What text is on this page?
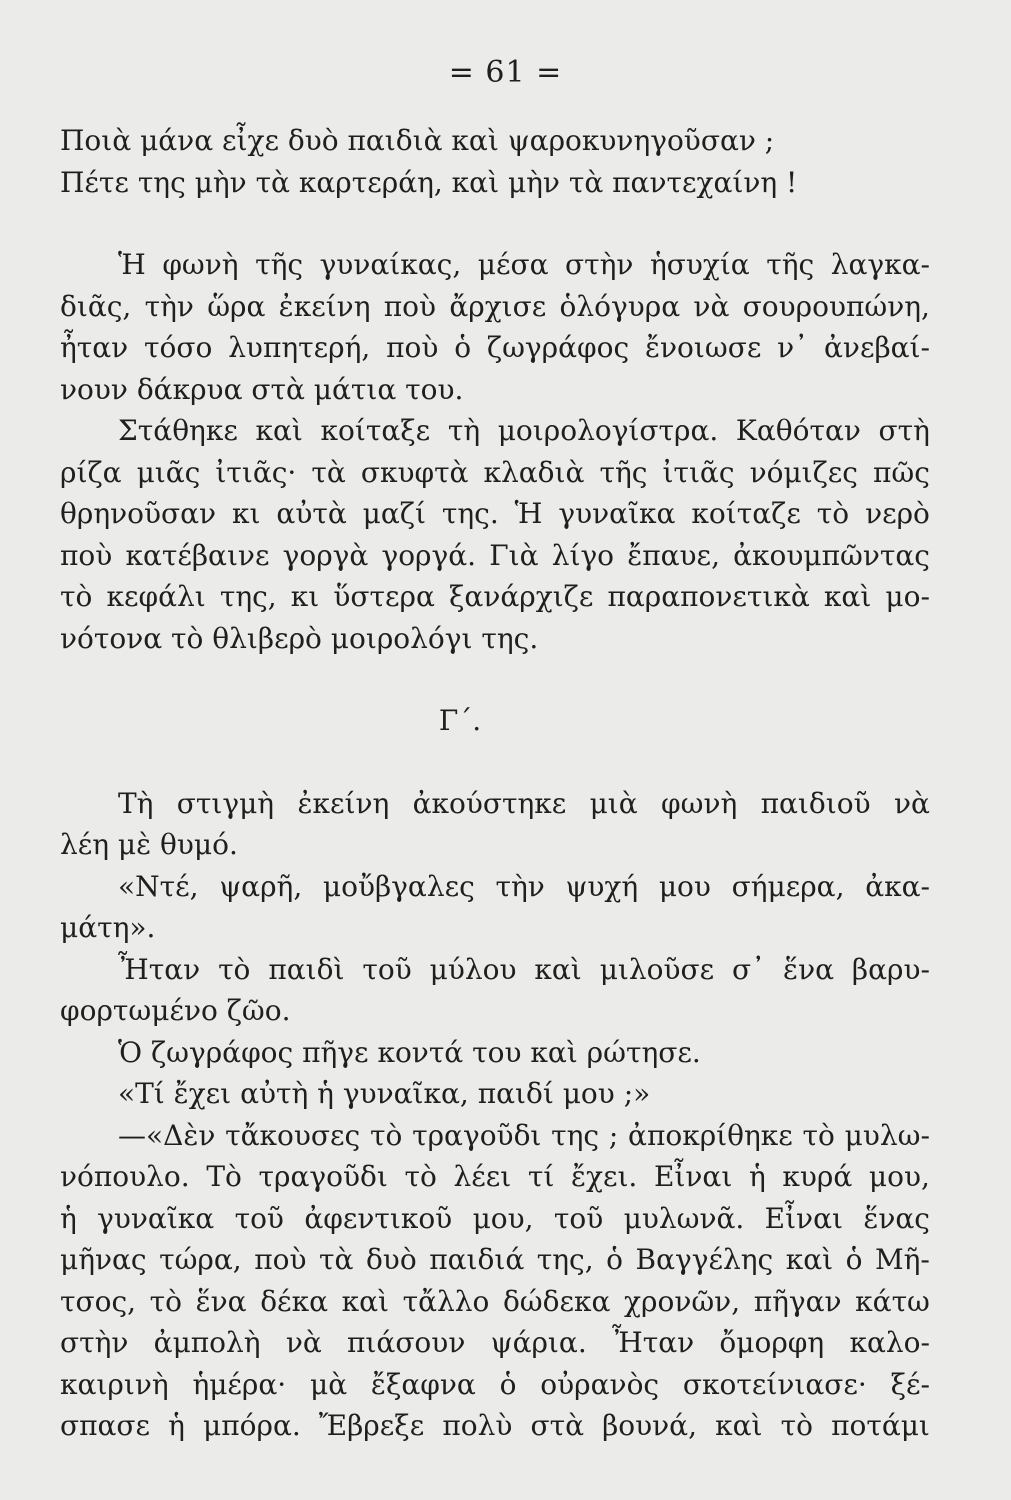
= 61 =
Ποιὰ μάνα εἶχε δυὸ παιδιὰ καὶ ψαροκυνηγοῦσαν ;
Πέτε της μὴν τὰ καρτεράη, καὶ μὴν τὰ παντεχαίνη !
Ἡ φωνὴ τῆς γυναίκας, μέσα στὴν ἡσυχία τῆς λαγκα-
διᾶς, τὴν ὥρα ἐκείνη ποὺ ἄρχισε ὁλόγυρα νὰ σουρουπώνη,
ἦταν τόσο λυπητερή, ποὺ ὁ ζωγράφος ἔνοιωσε ν᾿ ἀνεβαί-
νουν δάκρυα στὰ μάτια του.
Στάθηκε καὶ κοίταξε τὴ μοιρολογίστρα. Καθόταν στὴ
ρίζα μιᾶς ἰτιᾶς· τὰ σκυφτὰ κλαδιὰ τῆς ἰτιᾶς νόμιζες πῶς
θρηνοῦσαν κι αὐτὰ μαζί της. Ἡ γυναῖκα κοίταζε τὸ νερὸ
ποὺ κατέβαινε γοργὰ γοργά. Γιὰ λίγο ἔπαυε, ἀκουμπῶντας
τὸ κεφάλι της, κι ὕστερα ξανάρχιζε παραπονετικὰ καὶ μο-
νότονα τὸ θλιβερὸ μοιρολόγι της.
Γ΄.
Τὴ στιγμὴ ἐκείνη ἀκούστηκε μιὰ φωνὴ παιδιοῦ νὰ
λέη μὲ θυμό.
«Ντέ, ψαρῆ, μοὔβγαλες τὴν ψυχή μου σήμερα, ἀκα-
μάτη».
Ἦταν τὸ παιδὶ τοῦ μύλου καὶ μιλοῦσε σ᾿ ἕνα βαρυ-
φορτωμένο ζῶο.
Ὁ ζωγράφος πῆγε κοντά του καὶ ρώτησε.
«Τί ἔχει αὐτὴ ἡ γυναῖκα, παιδί μου ;»
—«Δὲν τἄκουσες τὸ τραγοῦδι της ; ἀποκρίθηκε τὸ μυλω-
νόπουλο. Τὸ τραγοῦδι τὸ λέει τί ἔχει. Εἶναι ἡ κυρά μου,
ἡ γυναῖκα τοῦ ἀφεντικοῦ μου, τοῦ μυλωνᾶ. Εἶναι ἕνας
μῆνας τώρα, ποὺ τὰ δυὸ παιδιά της, ὁ Βαγγέλης καὶ ὁ Μῆ-
τσος, τὸ ἕνα δέκα καὶ τἄλλο δώδεκα χρονῶν, πῆγαν κάτω
στὴν ἀμπολὴ νὰ πιάσουν ψάρια. Ἦταν ὄμορφη καλο-
καιρινὴ ἡμέρα· μὰ ἔξαφνα ὁ οὐρανὸς σκοτείνιασε· ξέ-
σπασε ἡ μπόρα. Ἔβρεξε πολὺ στὰ βουνά, καὶ τὸ ποτάμι
